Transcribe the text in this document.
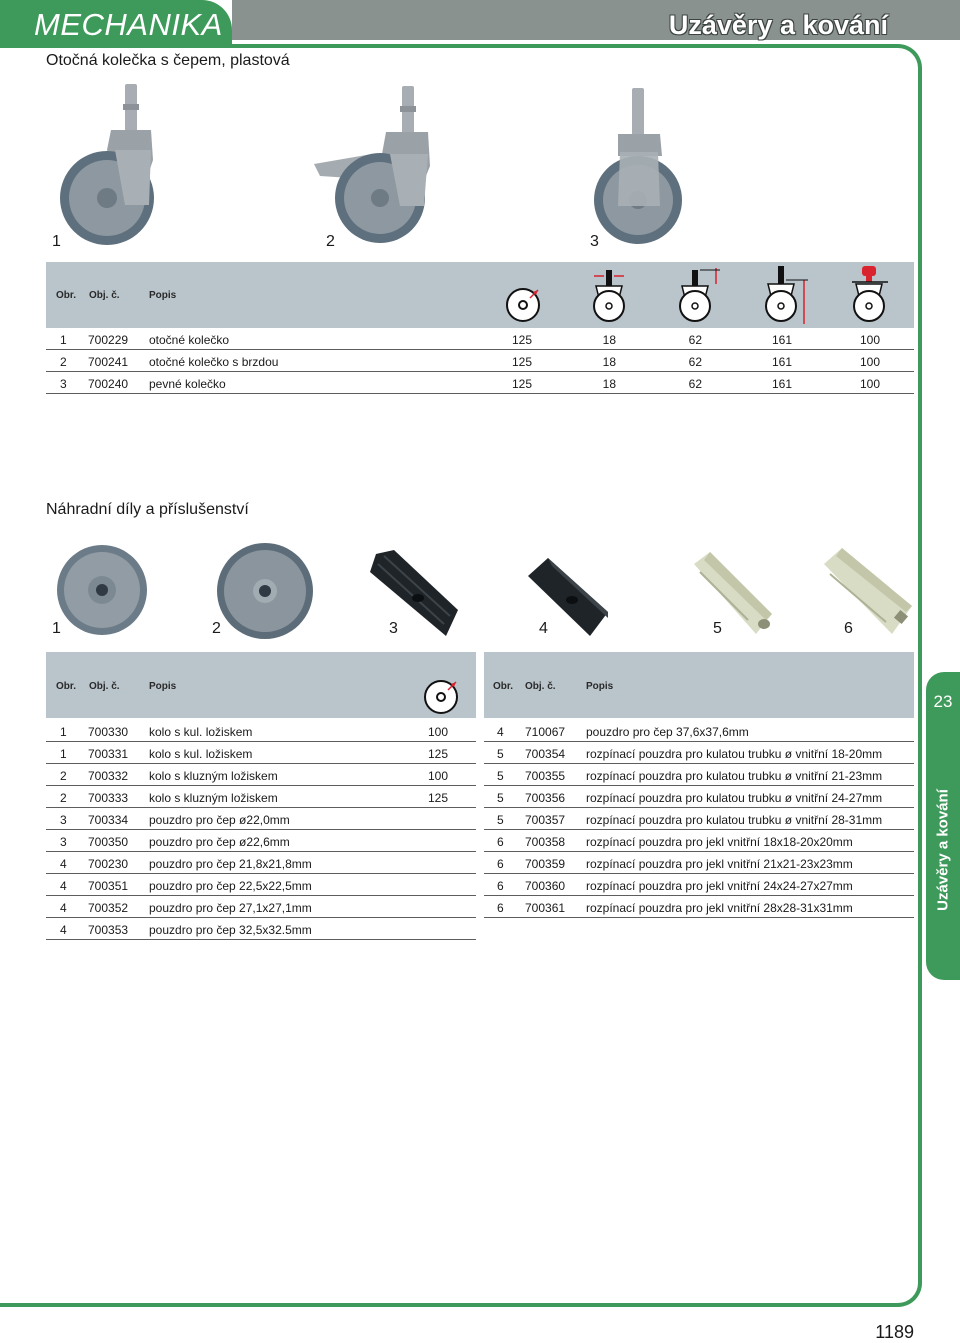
Uzávěry a kování
MECHANIKA
Otočná kolečka s čepem, plastová
23
Uzávěry a kování
1	2	3
Obr. Obj. č.	Popis
1 700229 otočné kolečko	125	18	62	161	100
2 700241 otočné kolečko s brzdou	125	18	62	161	100
3 700240 pevné kolečko	125	18	62	161	100
Náhradní díly a příslušenství
1	2	3	4	5	6
Obr. Obj. č.	Popis
1 700330 kolo s kul. ložiskem	100
1 700331 kolo s kul. ložiskem	125
2 700332 kolo s kluzným ložiskem	100
2 700333 kolo s kluzným ložiskem	125
3 700334 pouzdro pro čep ø22,0mm
3 700350 pouzdro pro čep ø22,6mm
4 700230 pouzdro pro čep 21,8x21,8mm
4 700351 pouzdro pro čep 22,5x22,5mm
4 700352 pouzdro pro čep 27,1x27,1mm
4 700353 pouzdro pro čep 32,5x32.5mm
Obr. Obj. č.	Popis
4 710067 pouzdro pro čep 37,6x37,6mm
5 700354 rozpínací pouzdra pro kulatou trubku ø vnitřní 18-20mm
5 700355 rozpínací pouzdra pro kulatou trubku ø vnitřní 21-23mm
5 700356 rozpínací pouzdra pro kulatou trubku ø vnitřní 24-27mm
5 700357 rozpínací pouzdra pro kulatou trubku ø vnitřní 28-31mm
6 700358 rozpínací pouzdra pro jekl vnitřní 18x18-20x20mm
6 700359 rozpínací pouzdra pro jekl vnitřní 21x21-23x23mm
6 700360 rozpínací pouzdra pro jekl vnitřní 24x24-27x27mm
6 700361 rozpínací pouzdra pro jekl vnitřní 28x28-31x31mm
1189
